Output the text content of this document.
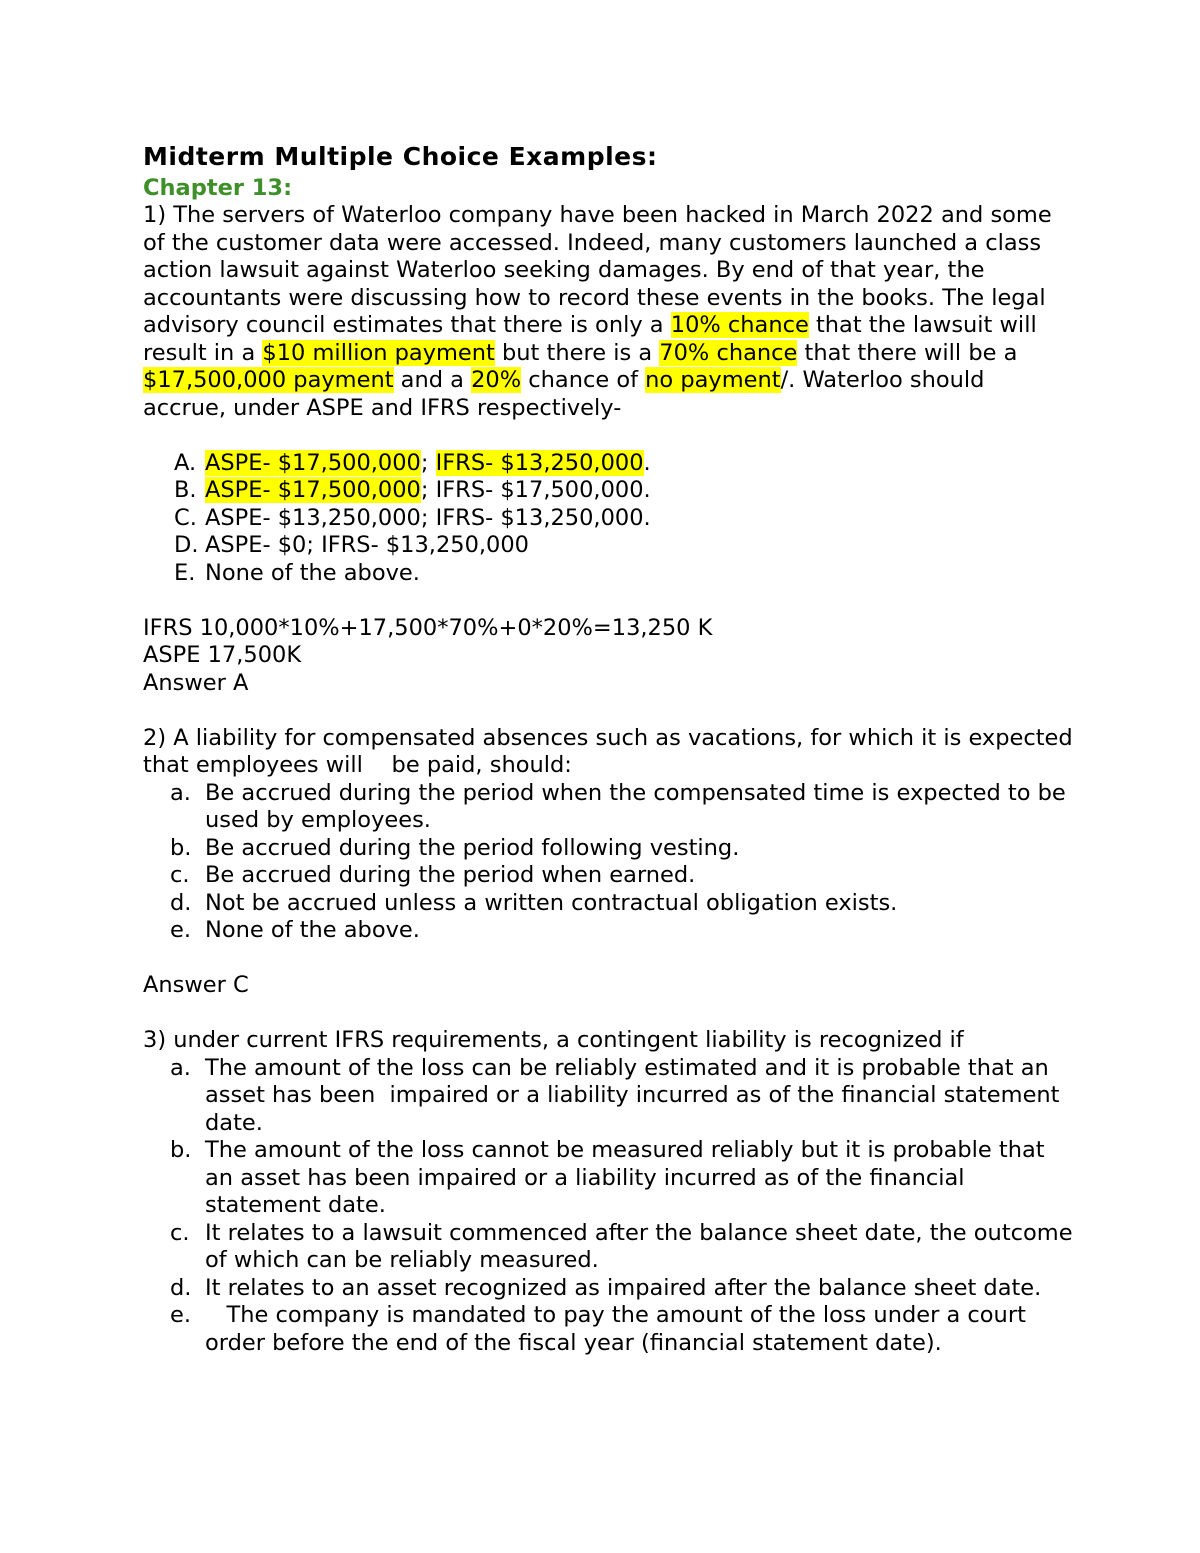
Midterm Multiple Choice Examples:
Chapter 13:

1) The servers of Waterloo company have been hacked in March 2022 and some of the customer data were accessed. Indeed, many customers launched a class action lawsuit against Waterloo seeking damages. By end of that year, the accountants were discussing how to record these events in the books. The legal advisory council estimates that there is only a 10% chance that the lawsuit will result in a $10 million payment but there is a 70% chance that there will be a $17,500,000 payment and a 20% chance of no payment/. Waterloo should accrue, under ASPE and IFRS respectively-

A. ASPE- $17,500,000; IFRS- $13,250,000.
B. ASPE- $17,500,000; IFRS- $17,500,000.
C. ASPE- $13,250,000; IFRS- $13,250,000.
D. ASPE- $0; IFRS- $13,250,000
E. None of the above.

IFRS 10,000*10%+17,500*70%+0*20%=13,250 K

ASPE 17,500K

Answer A

2) A liability for compensated absences such as vacations, for which it is expected that employees will    be paid, should:

a. Be accrued during the period when the compensated time is expected to be used by employees.
b. Be accrued during the period following vesting.
c. Be accrued during the period when earned.
d. Not be accrued unless a written contractual obligation exists.
e. None of the above.

Answer C

3) under current IFRS requirements, a contingent liability is recognized if

a. The amount of the loss can be reliably estimated and it is probable that an asset has been  impaired or a liability incurred as of the financial statement date.
b. The amount of the loss cannot be measured reliably but it is probable that an asset has been impaired or a liability incurred as of the financial statement date.
c. It relates to a lawsuit commenced after the balance sheet date, the outcome of which can be reliably measured.
d. It relates to an asset recognized as impaired after the balance sheet date.
e. The company is mandated to pay the amount of the loss under a court order before the end of the fiscal year (financial statement date).
